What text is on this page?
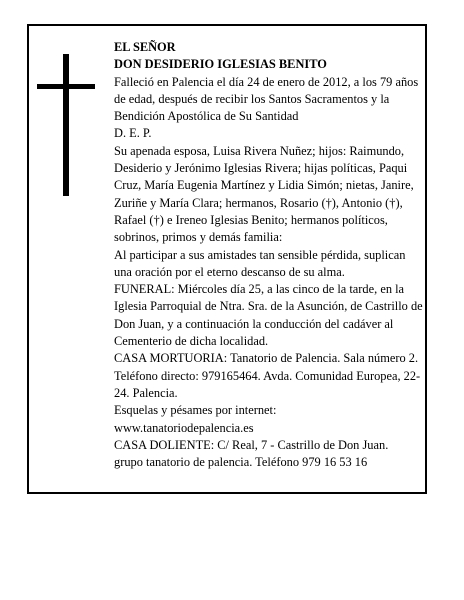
EL SEÑOR

DON DESIDERIO IGLESIAS BENITO

Falleció en Palencia el día 24 de enero de 2012, a los 79 años de edad, después de recibir los Santos Sacramentos y la Bendición Apostólica de Su Santidad

D. E. P.

Su apenada esposa, Luisa Rivera Nuñez; hijos: Raimundo, Desiderio y Jerónimo Iglesias Rivera; hijas políticas, Paqui Cruz, María Eugenia Martínez y Lidia Simón; nietas, Janire, Zuriñe y María Clara; hermanos, Rosario (†), Antonio (†), Rafael (†) e Ireneo Iglesias Benito; hermanos políticos, sobrinos, primos y demás familia:

Al participar a sus amistades tan sensible pérdida, suplican una oración por el eterno descanso de su alma.

FUNERAL: Miércoles día 25, a las cinco de la tarde, en la Iglesia Parroquial de Ntra. Sra. de la Asunción, de Castrillo de Don Juan, y a continuación la conducción del cadáver al Cementerio de dicha localidad.

CASA MORTUORIA: Tanatorio de Palencia. Sala número 2. Teléfono directo: 979165464. Avda. Comunidad Europea, 22-24. Palencia.

Esquelas y pésames por internet:

www.tanatoriodepalencia.es

CASA DOLIENTE: C/ Real, 7 - Castrillo de Don Juan.

grupo tanatorio de palencia. Teléfono 979 16 53 16
